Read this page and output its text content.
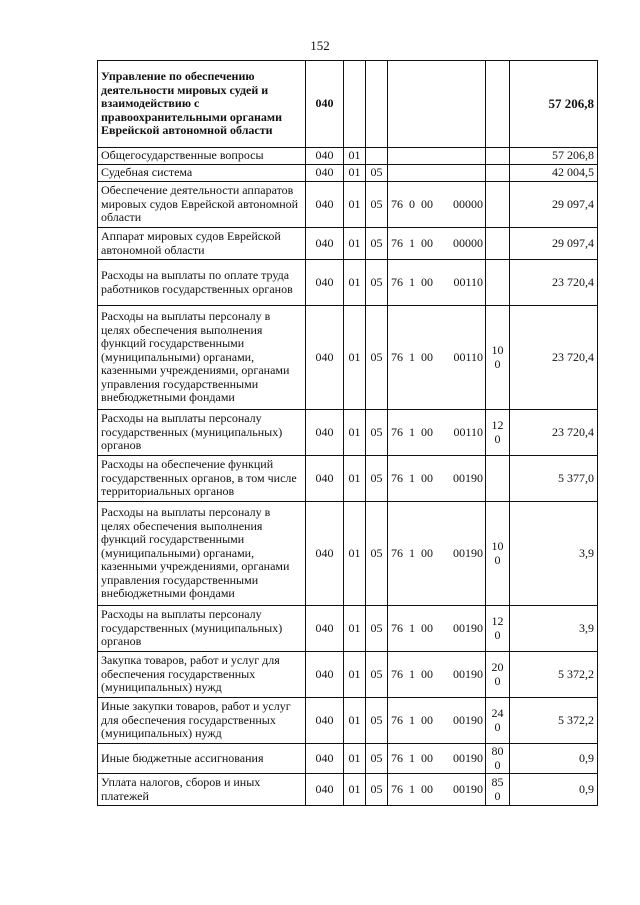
152
Управление по обеспечению деятельности мировых судей и взаимодействию с правоохранительными органами Еврейской автономной области	040					57 206,8
Общегосударственные вопросы	040	01				57 206,8
Судебная система	040	01	05			42 004,5
Обеспечение деятельности аппаратов мировых судов Еврейской автономной области	040	01	05	76 0 00 00000		29 097,4
Аппарат мировых судов Еврейской автономной области	040	01	05	76 1 00 00000		29 097,4
Расходы на выплаты по оплате труда работников государственных органов	040	01	05	76 1 00 00110		23 720,4
Расходы на выплаты персоналу в целях обеспечения выполнения функций государственными (муниципальными) органами, казенными учреждениями, органами управления государственными внебюджетными фондами	040	01	05	76 1 00 00110	100	23 720,4
Расходы на выплаты персоналу государственных (муниципальных) органов	040	01	05	76 1 00 00110	120	23 720,4
Расходы на обеспечение функций государственных органов, в том числе территориальных органов	040	01	05	76 1 00 00190		5 377,0
Расходы на выплаты персоналу в целях обеспечения выполнения функций государственными (муниципальными) органами, казенными учреждениями, органами управления государственными внебюджетными фондами	040	01	05	76 1 00 00190	100	3,9
Расходы на выплаты персоналу государственных (муниципальных) органов	040	01	05	76 1 00 00190	120	3,9
Закупка товаров, работ и услуг для обеспечения государственных (муниципальных) нужд	040	01	05	76 1 00 00190	200	5 372,2
Иные закупки товаров, работ и услуг для обеспечения государственных (муниципальных) нужд	040	01	05	76 1 00 00190	240	5 372,2
Иные бюджетные ассигнования	040	01	05	76 1 00 00190	800	0,9
Уплата налогов, сборов и иных платежей	040	01	05	76 1 00 00190	850	0,9
